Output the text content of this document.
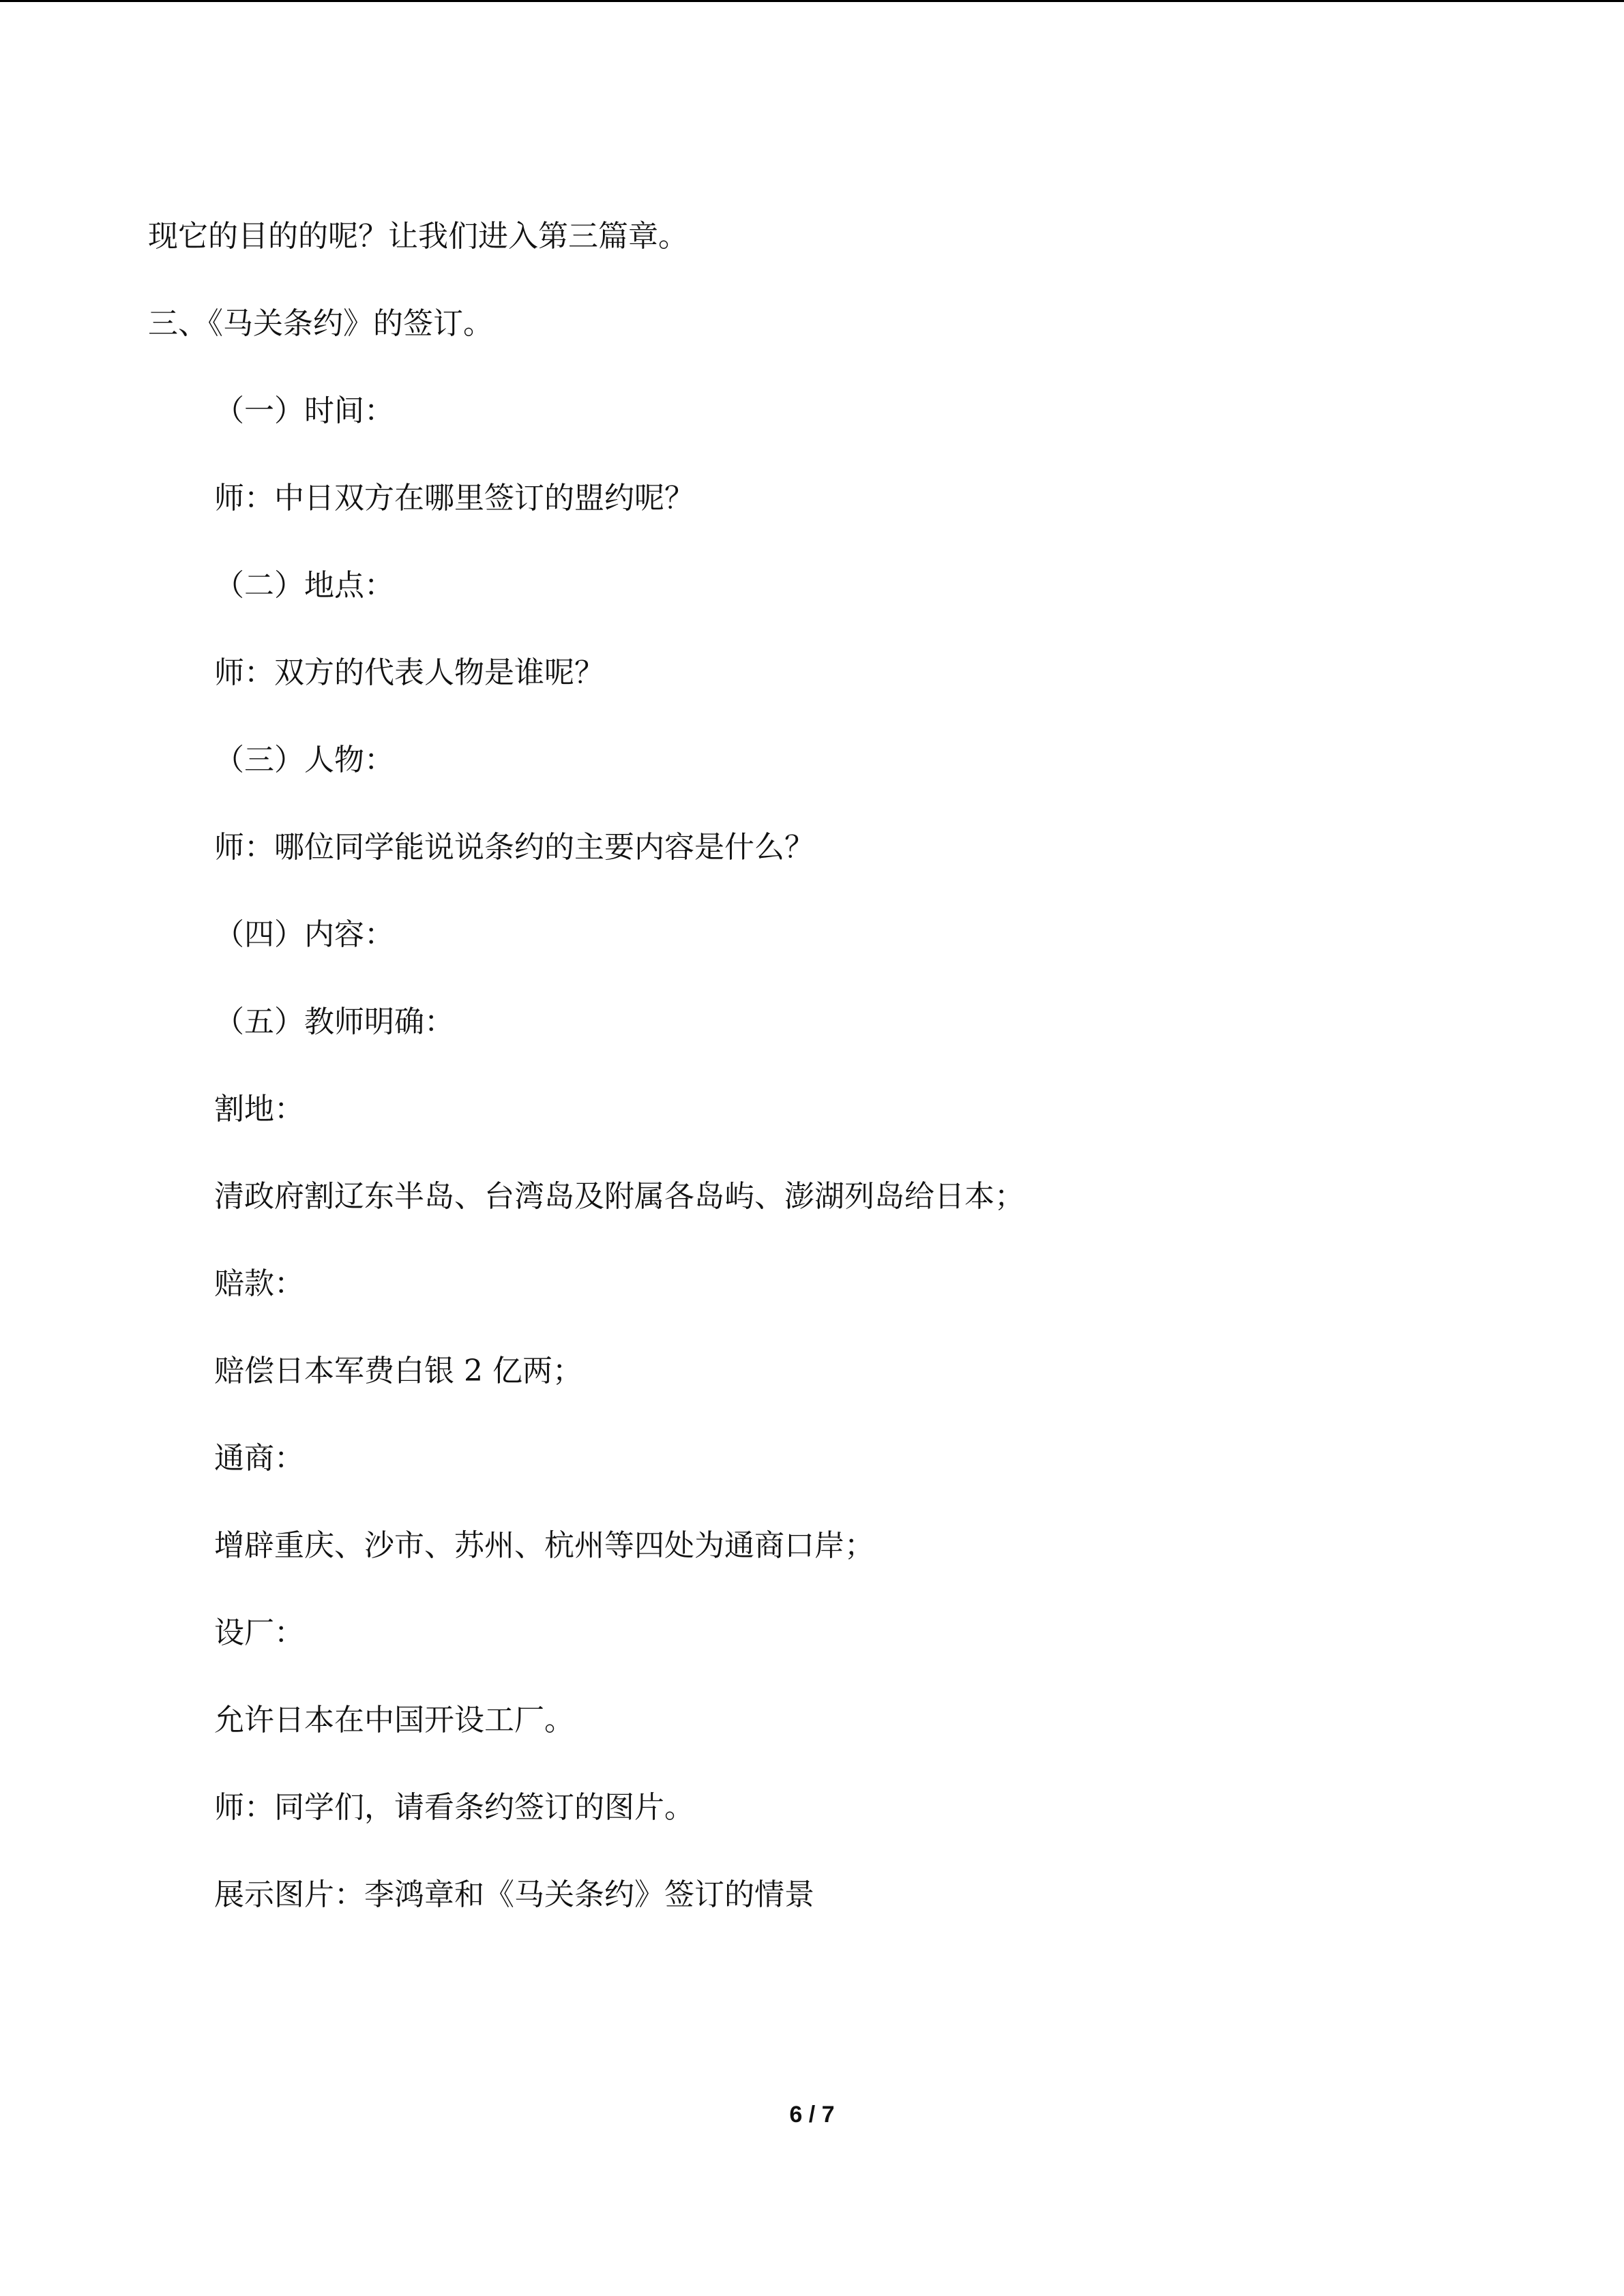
现它的目的的呢？让我们进入第三篇章。

三、《马关条约》的签订。

（一）时间：

师：中日双方在哪里签订的盟约呢？

（二）地点：

师：双方的代表人物是谁呢？

（三）人物：

师：哪位同学能说说条约的主要内容是什么？

（四）内容：

（五）教师明确：

割地：

清政府割辽东半岛、台湾岛及附属各岛屿、澎湖列岛给日本；

赔款：

赔偿日本军费白银 2 亿两；

通商：

增辟重庆、沙市、苏州、杭州等四处为通商口岸；

设厂：

允许日本在中国开设工厂。

师：同学们，请看条约签订的图片。

展示图片：李鸿章和《马关条约》签订的情景

6 / 7
